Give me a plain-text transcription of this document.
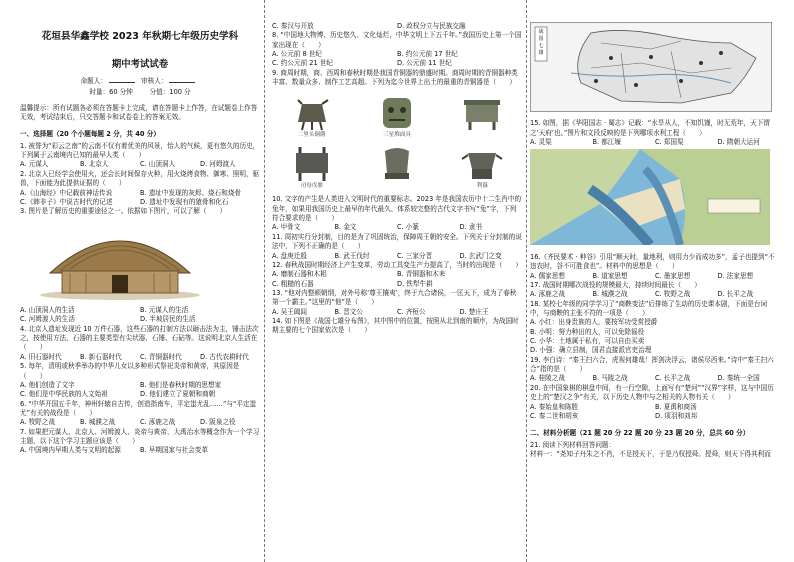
花垣县华鑫学校 2023 年秋期七年级历史学科
期中考试试卷
命题人：	审核人：
时量：60 分钟	分值：100 分
温馨提示：所有试题各必须在答题卡上完成，请在答题卡上作答，在试题卷上作答无效，考试结束后，只交答题卡和试卷卷上的答案无效。
一、选择题（20 个小题每题 2 分，共 40 分）
1. 被誉为“彩云之南”的云南不仅有着优美的风景，怡人的气候，更有悠久的历史，下列属于云南境内已知的最早人类（　　）
A. 元谋人	B. 北京人	C. 山顶洞人	D. 河姆渡人
2. 北京人已经学会使用火，还会长时间保存火种，用火烧烤食物、御寒、照明，驱兽，下面能为此提供证据的（　　）
A.《山海经》中记载前神话传说	B. 遗址中发现的灰烬、烧石和烧骨
C.《韩非子》中说古时代的记述	D. 遗址中发现有的猿骨和化石
3. 图片是了解历史的重要途径之一。依据如下图片，可以了解（　　）
A. 山顶洞人的生活	B. 元谋人的生活
C. 河姆渡人的生活	D. 半坡居民的生活
4. 北京人遗址发现近 10 万件石器，这些石器的打制方法以砸击法为主，锤击法次之，按使用方法，石器的主要类型有尖状器、石锤、石砧等。这说明北京人生活在（　　）
A. 旧石器时代	B. 新石器时代	C. 青铜器时代	D. 古代农耕时代
5. 每年，清明或秋季举办的中华儿女以多种形式祭祀炎帝和黄帝，其原因是（　　）
A. 他们创造了文字	B. 他们是春秋时期的思想家
C. 他们是中华民族的人文始祖	D. 他们建立了夏朝和商朝
6. “中华开国五千年，神州轩辕自古传，创造指南车，平定蚩尤乱……”与“平定蚩尤”有关的战役是（　　）
A. 牧野之战	B. 城濮之战	C. 涿鹿之战	D. 阪泉之役
7. 如果把元谋人、北京人、河姆渡人、炎帝与黄帝、大禹治水等概念作为一个学习主题，以下这个学习主题应该是（　　）
A. 中国境内早期人类与文明的起源	B. 早期国家与社会变革
C. 秦汉与开放	D. 政权分立与民族交融
8. “中国地大物博、历史悠久、文化灿烂，中华文明上下五千年。”我国历史上第一个国家出现在（　　）
A. 公元前 8 世纪	B. 约公元前 17 世纪
C. 约公元前 21 世纪	D. 公元前 11 世纪
9. 商周时期，商、西周和春秋时期是我国青铜器的鼎盛时期。商周时期的青铜器种类丰富、数量众多、制作工艺高超。下列为迄今世界上出土的最重的青铜器是（　　）
二里头铜爵	三星堆面具
司母戊鼎	利簋
10. 文字的产生是人类进入文明时代的重要标志。2023 年是我国农历中十二生肖中的兔年，如果用我国历史上最早的年代最久、体系较完整的古代文字书写“兔”字，下列符合要求的是（　　）
A. 甲骨文	B. 金文	C. 小篆	D. 隶书
11. 周初实行分封制，目的是为了巩固统治，保障周王朝的安全。下列关于分封制的说法中，下列不正确的是（　　）
A. 盘庚迁殷	B. 武王伐纣	C. 三家分晋	D. 玄武门之变
12. 春秋战国时期经济上产生变革，劳动工具变生产力提高了，当时的出现是（　　）
A. 磨制石器和木耜	B. 青铜器和木耒
C. 粗糙的石器	D. 铁犁牛耕
13. “他对内整顿朝纲，对外号称‘尊王攘夷’，终于九合诸侯，一匡天下，成为了春秋第一个霸主。”这里的“他”是（　　）
A. 吴王阖闾	B. 晋文公	C. 齐桓公	D. 楚庄王
14. 如下图是《战国七雄分布图》，其中图中的位置，按照从北到南的顺序，为战国时期主要的七个国家依次是（　　）
战国七雄
15. 如图，据《华阳国志 · 蜀志》记载：“水旱从人，不知饥馑，时无荒年，天下谓之‘天府’也。”图片和文段反映的是下列哪项水利工程（　　）
A. 灵渠	B. 都江堰	C. 郑国渠	D. 隋朝大运河
16.《齐民要术 · 种谷》引用“顺天时，量地利，则用力少而成功多”，孟子也提到“不违农时，谷不可胜食也”。材料中的思想是（　　）
A. 儒家思想	B. 道家思想	C. 墨家思想	D. 法家思想
17. 战国时期哪次战役的规模最大，持续时间最长（　　）
A. 涿鹿之战	B. 城濮之战	C. 牧野之战	D. 长平之战
18. 某校七年级的同学学习了“商鞅变法”后排练了生动的历史课本剧，下面是台词中，与商鞅的主张不符的一项是（　　）
A. 小红：出身贵族的人，要按军功受赏授爵
B. 小明：努力种田的人，可以免除徭役
C. 小华：土地属于私有，可以自由买卖
D. 小强：确立县制，国君直接派官吏治理
19. 李白诗：“秦王扫六合，虎视何雄哉！挥剑决浮云，诸侯尽西来。”诗中“秦王扫六合”指的是（　　）
A. 桂陵之战	B. 马陵之战	C. 长平之战	D. 秦统一全国
20. 在中国象棋的棋盘中间，有一行空隙，上面写有“楚河”“汉界”字样，这与中国历史上的“楚汉之争”有关，以下历史人物中与之相关的人物有关（　　）
A. 秦始皇和陈胜	B. 夏禹和商汤
C. 秦二世和胡亥	D. 项羽和刘邦
二、材料分析题（21 题 20 分 22 题 20 分 23 题 20 分，总共 60 分）
21. 阅读下列材料回答问题：
材料一：“尧知子丹朱之不肖，不足授天下，于是乃权授舜。授舜，则天下得其利而
